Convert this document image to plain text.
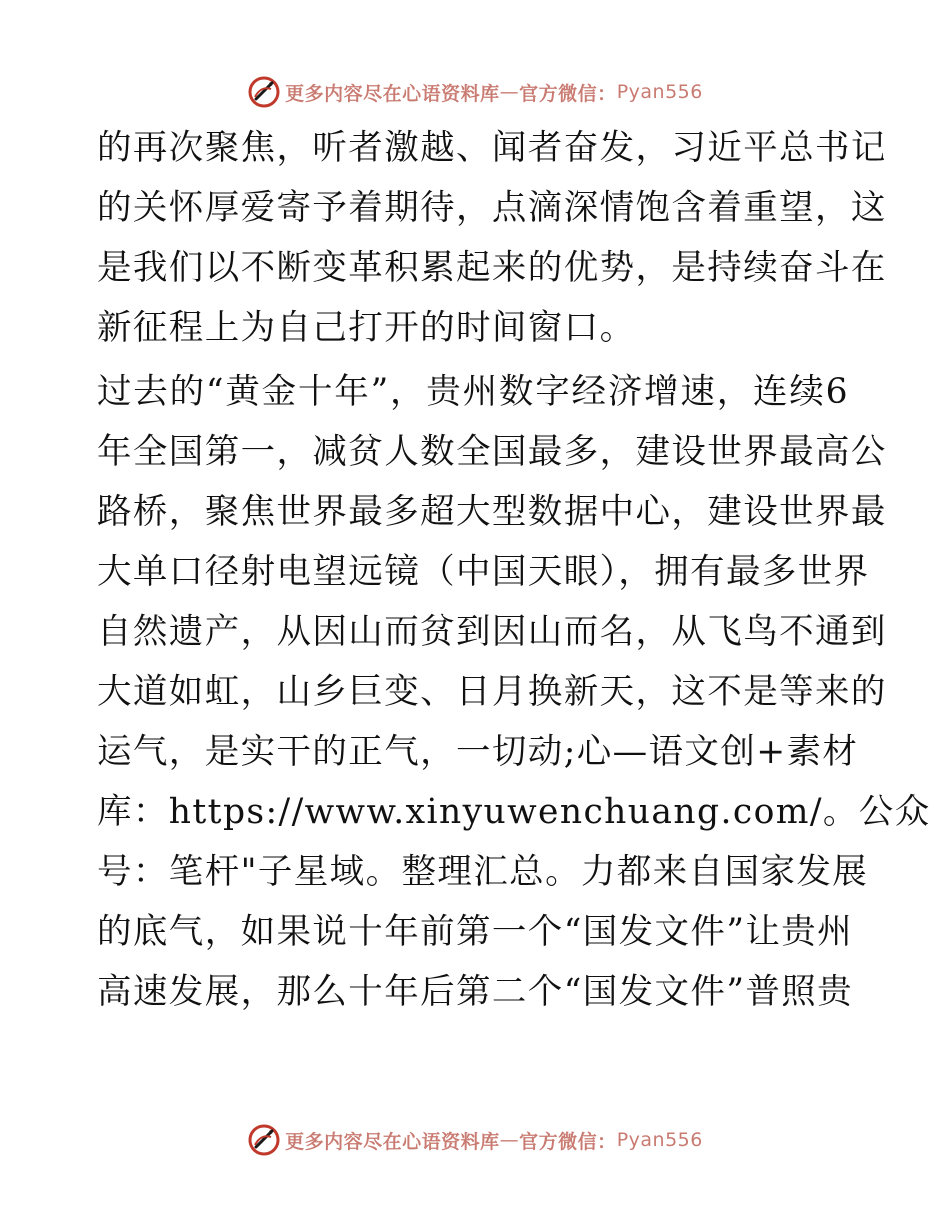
更多内容尽在心语资料库 — 官方微信： Pyan556

的再次聚焦，听者激越、闻者奋发，习近平总书记
的关怀厚爱寄予着期待，点滴深情饱含着重望，这
是我们以不断变革积累起来的优势，是持续奋斗在
新征程上为自己打开的时间窗口。

过去的“黄金十年”，贵州数字经济增速，连续6
年全国第一，减贫人数全国最多，建设世界最高公
路桥，聚焦世界最多超大型数据中心，建设世界最
大单口径射电望远镜（中国天眼），拥有最多世界
自然遗产，从因山而贫到因山而名，从飞鸟不通到
大道如虹，山乡巨变、日月换新天，这不是等来的
运气，是实干的正气，一切动;心—语文创+素材
库：https://www.xinyuwenchuang.com/。公众
号：笔杆"子星域。整理汇总。力都来自国家发展
的底气，如果说十年前第一个“国发文件”让贵州
高速发展，那么十年后第二个“国发文件”普照贵

更多内容尽在心语资料库 — 官方微信： Pyan556
